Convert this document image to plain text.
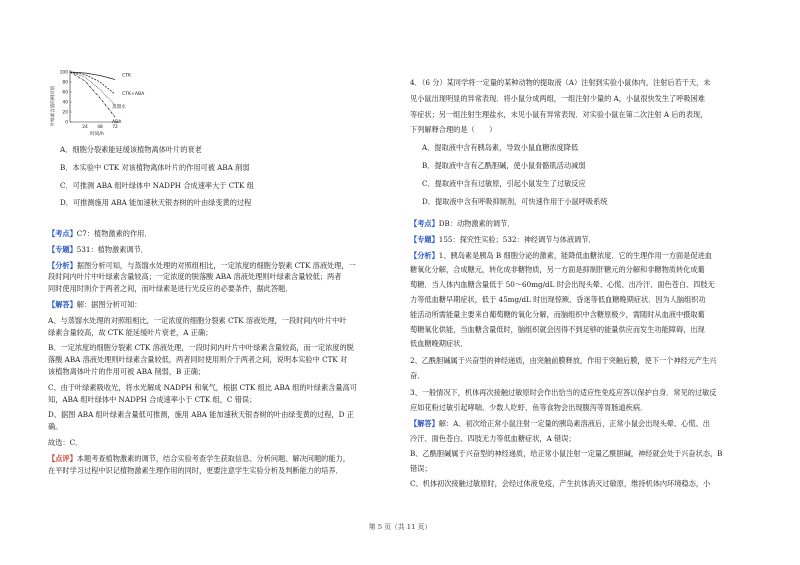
叶绿素含量的相对值
100
80
60
40
20
0
24 48 72
CTK
CTK+ABA
蒸馏水
ABA
时间/h
A．细胞分裂素能延缓该植物离体叶片的衰老
B．本实验中 CTK 对该植物离体叶片的作用可被 ABA 削弱
C．可推测 ABA 组叶绿体中 NADPH 合成速率大于 CTK 组
D．可推测施用 ABA 能加速秋天银杏树的叶由绿变黄的过程

【考点】C7：植物激素的作用．

【专题】531：植物激素调节．

【分析】据图分析可知，与蒸馏水处理的对照组相比，一定浓度的细胞分裂素 CTK 溶液处理，一

段时间内叶片中叶绿素含量较高；一定浓度的脱落酸 ABA 溶液处理则叶绿素含量较低；两者

同时使用时则介于两者之间，而叶绿素是进行光反应的必要条件，据此答题．

【解答】解：据图分析可知：

A、与蒸馏水处理的对照组相比，一定浓度的细胞分裂素 CTK 溶液处理，一段时间内叶片中叶

绿素含量较高，故 CTK 能延缓叶片衰老，A 正确；

B、一定浓度的细胞分裂素 CTK 溶液处理，一段时间内叶片中叶绿素含量较高，而一定浓度的脱

落酸 ABA 溶液处理则叶绿素含量较低，两者同时使用则介于两者之间，说明本实验中 CTK 对

该植物离体叶片的作用可被 ABA 削弱，B 正确；

C、由于叶绿素吸收光，将水光解成 NADPH 和氧气，根据 CTK 组比 ABA 组的叶绿素含量高可

知，ABA 组叶绿体中 NADPH 合成速率小于 CTK 组，C 错误；

D、据图 ABA 组叶绿素含量低可推测，施用 ABA 能加速秋天银杏树的叶由绿变黄的过程，D 正

确。

故选：C．

【点评】本题考查植物激素的调节，结合实验考查学生获取信息、分析问题、解决问题的能力，

在平时学习过程中识记植物激素生理作用的同时，更要注意学生实验分析及判断能力的培养．

4．（6 分）某同学将一定量的某种动物的提取液（A）注射到实验小鼠体内，注射后若干天，未

见小鼠出现明显的异常表现．将小鼠分成两组，一组注射少量的 A，小鼠很快发生了呼吸困难

等症状；另一组注射生理盐水，未见小鼠有异常表现．对实验小鼠在第二次注射 A 后的表现，

下列解释合理的是（　　）

A．提取液中含有胰岛素，导致小鼠血糖浓度降低
B．提取液中含有乙酰胆碱，使小鼠骨骼肌活动减弱
C．提取液中含有过敏原，引起小鼠发生了过敏反应
D．提取液中含有呼吸抑制剂，可快速作用于小鼠呼吸系统

【考点】DB：动物激素的调节．

【专题】155：探究性实验；532：神经调节与体液调节．

【分析】1、胰岛素是胰岛 B 细胞分泌的激素，能降低血糖浓度．它的生理作用一方面是促进血

糖氧化分解，合成糖元，转化成非糖物质，另一方面是抑制肝糖元的分解和非糖物质转化成葡

萄糖．当人体内血糖含量低于 50～60mg/dL 时会出现头晕、心慌、出冷汗、面色苍白、四肢无

力等低血糖早期症状，低于 45mg/dL 时出现惊厥、昏迷等低血糖晚期症状．因为人脑组织功

能活动所需能量主要来自葡萄糖的氧化分解，而脑组织中含糖原极少，需随时从血液中摄取葡

萄糖氧化供能，当血糖含量低时，脑组织就会因得不到足够的能量供应而发生功能障碍，出现

低血糖晚期症状．

2、乙酰胆碱属于兴奋型的神经递质，由突触前膜释放，作用于突触后膜，使下一个神经元产生兴

奋．

3、一般情况下，机体再次接触过敏原时会作出恰当的适应性免疫应答以保护自身．常见的过敏反

应如花粉过敏引起哮喘、少数人吃虾、鱼等食物会出现腹泻等胃肠道疾病．

【解答】解：A、初次给正常小鼠注射一定量的胰岛素溶液后，正常小鼠会出现头晕、心慌、出

冷汗、面色苍白、四肢无力等低血糖症状，A 错误；

B、乙酰胆碱属于兴奋型的神经递质，给正常小鼠注射一定量乙酰胆碱，神经就会处于兴奋状态，B

错误；

C、机体初次接触过敏原时，会经过体液免疫，产生抗体消灭过敏原，维持机体内环境稳态，小

第 5 页（共 11 页）
